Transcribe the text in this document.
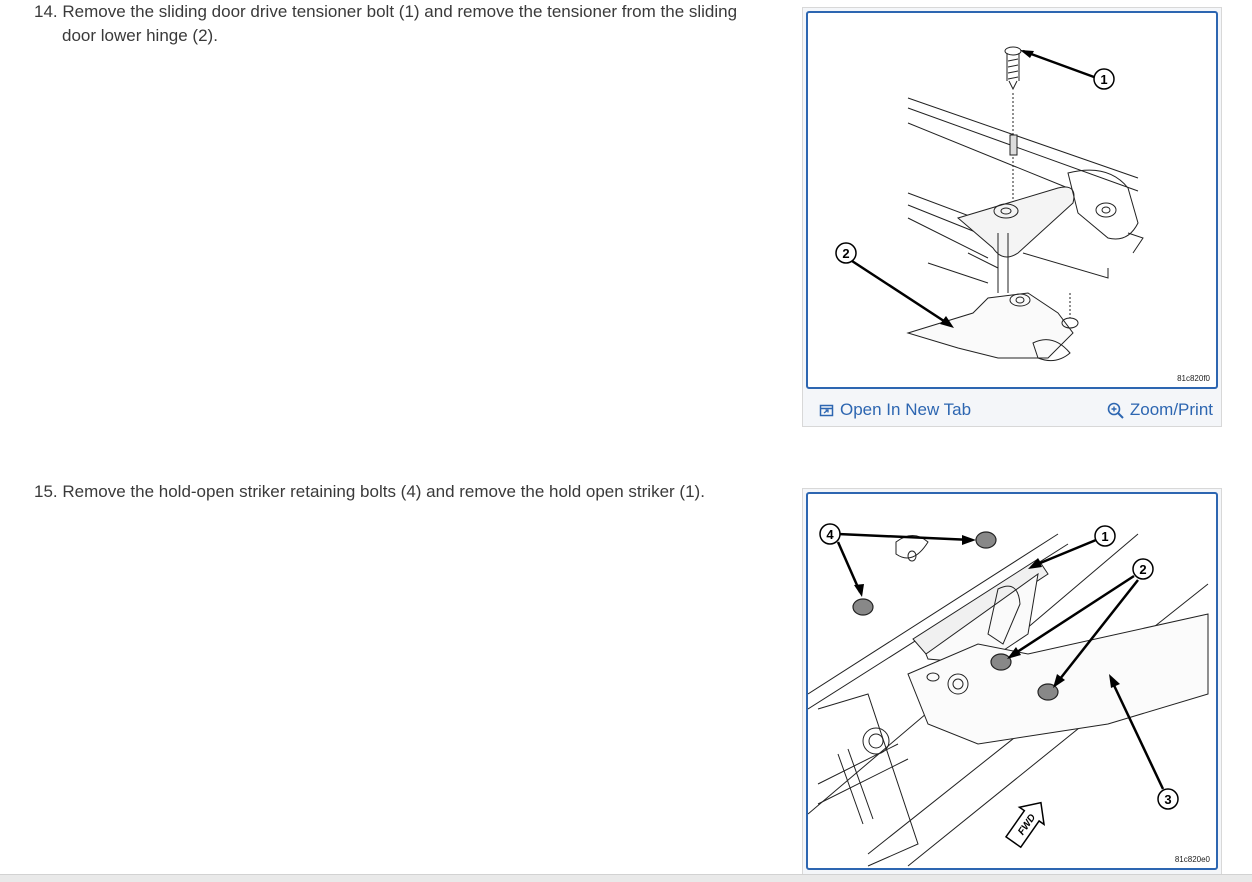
14. Remove the sliding door drive tensioner bolt (1) and remove the tensioner from the sliding
door lower hinge (2).
1
2
81c820f0
Open In New Tab	Zoom/Print
15. Remove the hold-open striker retaining bolts (4) and remove the hold open striker (1).
4	1
2
3
FWD
81c820e0
